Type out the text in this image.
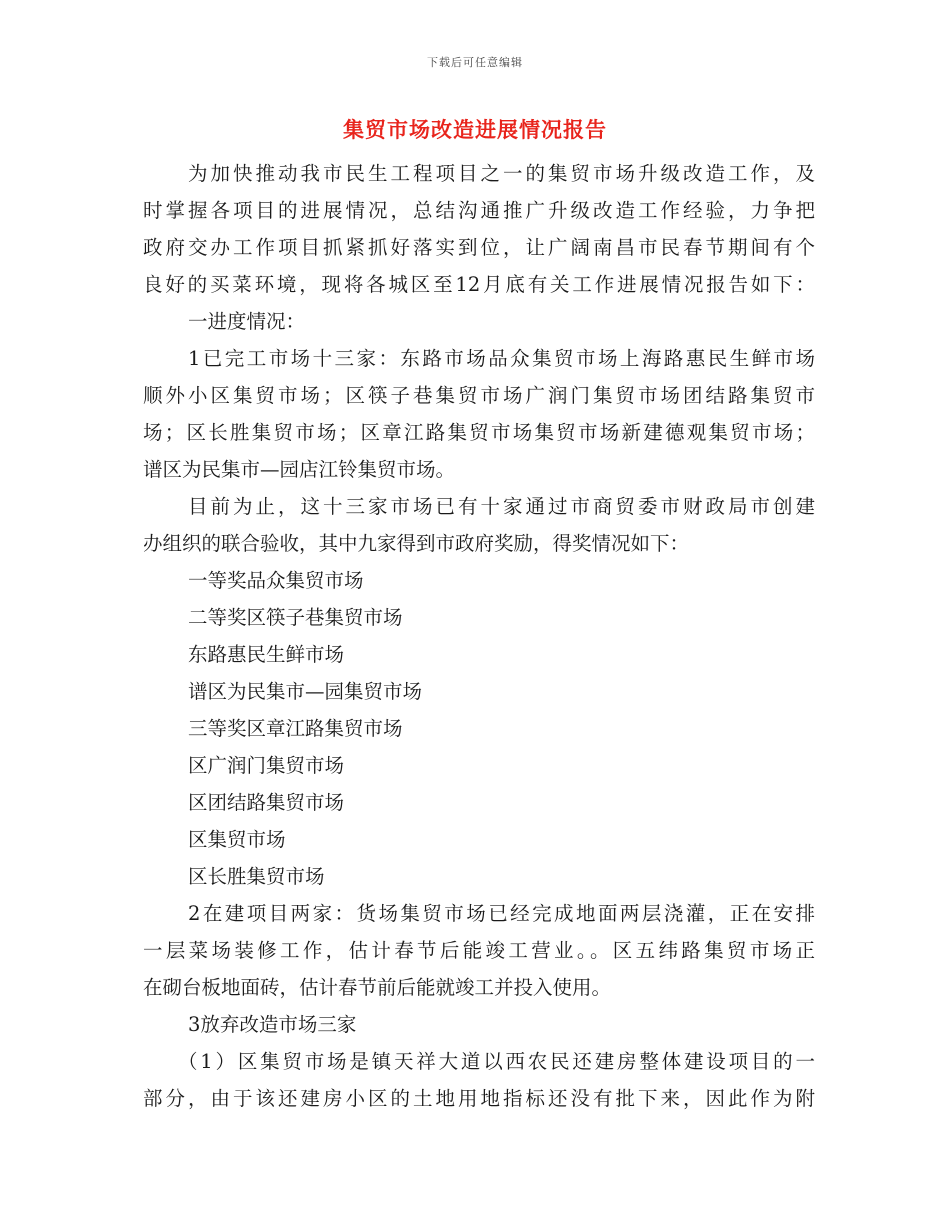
下载后可任意编辑
集贸市场改造进展情况报告
为加快推动我市民生工程项目之一的集贸市场升级改造工作，及
时掌握各项目的进展情况，总结沟通推广升级改造工作经验，力争把
政府交办工作项目抓紧抓好落实到位，让广阔南昌市民春节期间有个
良好的买菜环境，现将各城区至12月底有关工作进展情况报告如下：
一进度情况：
1已完工市场十三家：东路市场品众集贸市场上海路惠民生鲜市场
顺外小区集贸市场；区筷子巷集贸市场广润门集贸市场团结路集贸市
场；区长胜集贸市场；区章江路集贸市场集贸市场新建德观集贸市场；
谱区为民集市—园店江铃集贸市场。
目前为止，这十三家市场已有十家通过市商贸委市财政局市创建
办组织的联合验收，其中九家得到市政府奖励，得奖情况如下：
一等奖品众集贸市场
二等奖区筷子巷集贸市场
东路惠民生鲜市场
谱区为民集市—园集贸市场
三等奖区章江路集贸市场
区广润门集贸市场
区团结路集贸市场
区集贸市场
区长胜集贸市场
2在建项目两家：货场集贸市场已经完成地面两层浇灌，正在安排
一层菜场装修工作，估计春节后能竣工营业。。区五纬路集贸市场正
在砌台板地面砖，估计春节前后能就竣工并投入使用。
3放弃改造市场三家
（1）区集贸市场是镇天祥大道以西农民还建房整体建设项目的一
部分，由于该还建房小区的土地用地指标还没有批下来，因此作为附
